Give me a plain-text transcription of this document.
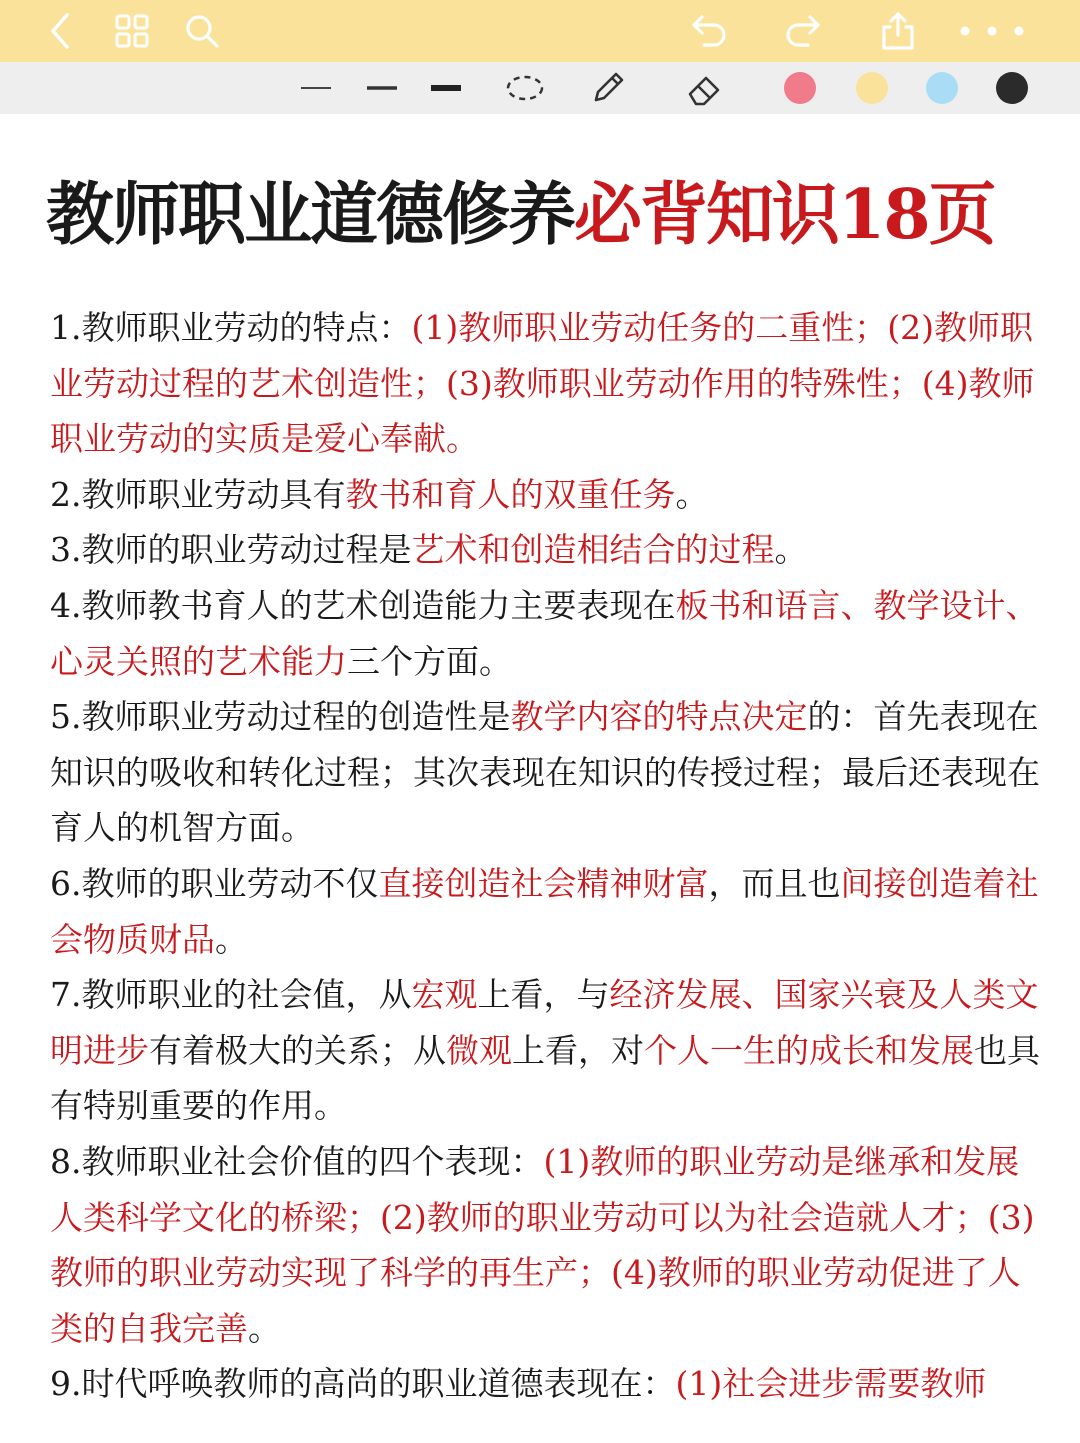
教师职业道德修养必背知识18页

1.教师职业劳动的特点：(1)教师职业劳动任务的二重性；(2)教师职业劳动过程的艺术创造性；(3)教师职业劳动作用的特殊性；(4)教师职业劳动的实质是爱心奉献。

2.教师职业劳动具有教书和育人的双重任务。

3.教师的职业劳动过程是艺术和创造相结合的过程。

4.教师教书育人的艺术创造能力主要表现在板书和语言、教学设计、心灵关照的艺术能力三个方面。

5.教师职业劳动过程的创造性是教学内容的特点决定的：首先表现在知识的吸收和转化过程；其次表现在知识的传授过程；最后还表现在育人的机智方面。

6.教师的职业劳动不仅直接创造社会精神财富，而且也间接创造着社会物质财品。

7.教师职业的社会值，从宏观上看，与经济发展、国家兴衰及人类文明进步有着极大的关系；从微观上看，对个人一生的成长和发展也具有特别重要的作用。

8.教师职业社会价值的四个表现：(1)教师的职业劳动是继承和发展人类科学文化的桥梁；(2)教师的职业劳动可以为社会造就人才；(3)教师的职业劳动实现了科学的再生产；(4)教师的职业劳动促进了人类的自我完善。

9.时代呼唤教师的高尚的职业道德表现在：(1)社会进步需要教师
